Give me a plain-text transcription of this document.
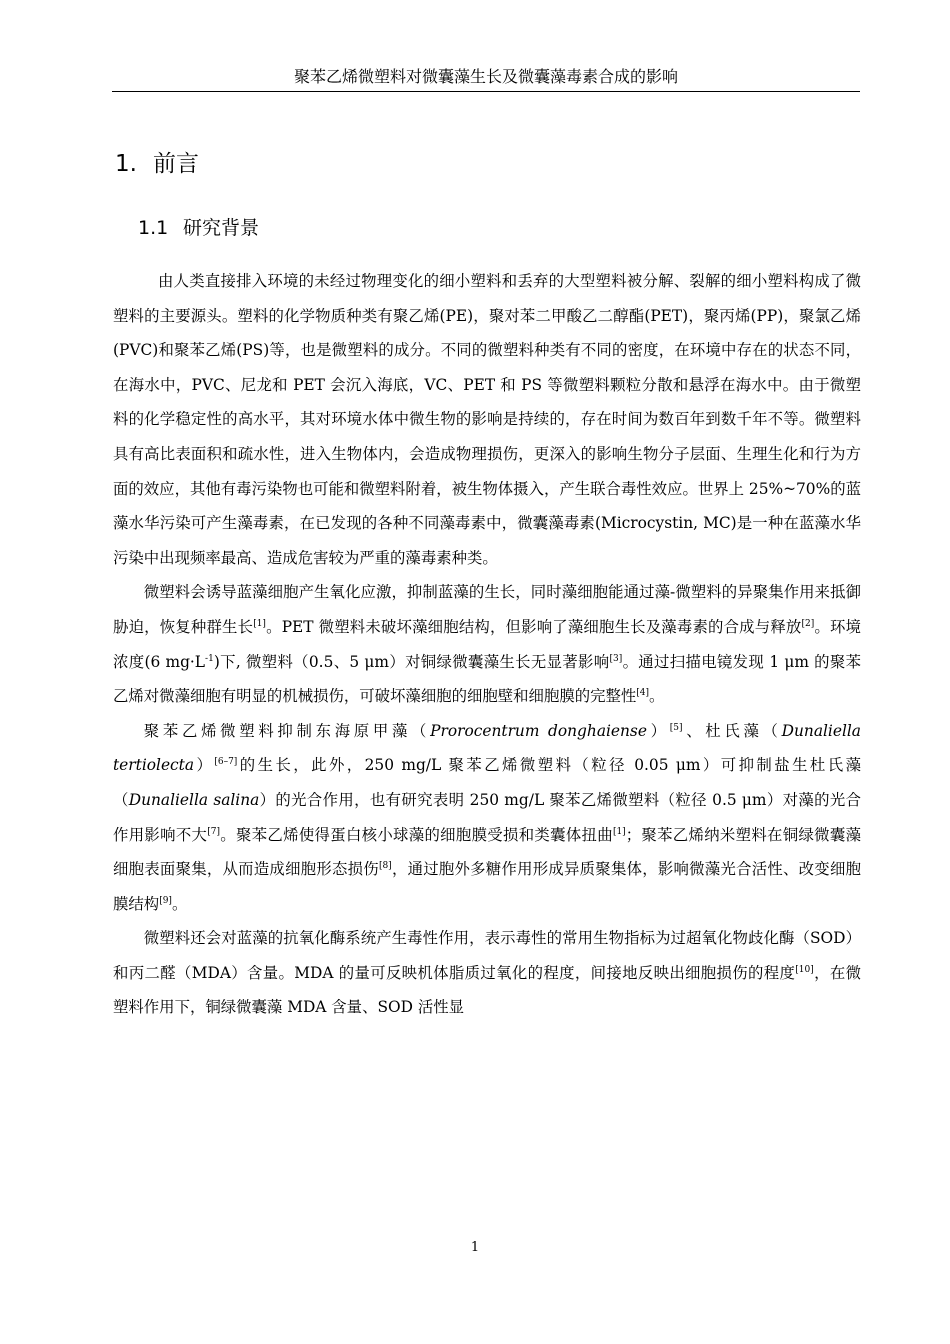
聚苯乙烯微塑料对微囊藻生长及微囊藻毒素合成的影响
1. 前言
1.1 研究背景

由人类直接排入环境的未经过物理变化的细小塑料和丢弃的大型塑料被分解、裂解的细小塑料构成了微塑料的主要源头。塑料的化学物质种类有聚乙烯(PE)，聚对苯二甲酸乙二醇酯(PET)，聚丙烯(PP)，聚氯乙烯(PVC)和聚苯乙烯(PS)等，也是微塑料的成分。不同的微塑料种类有不同的密度，在环境中存在的状态不同，在海水中，PVC、尼龙和 PET 会沉入海底，VC、PET 和 PS 等微塑料颗粒分散和悬浮在海水中。由于微塑料的化学稳定性的高水平，其对环境水体中微生物的影响是持续的，存在时间为数百年到数千年不等。微塑料具有高比表面积和疏水性，进入生物体内，会造成物理损伤，更深入的影响生物分子层面、生理生化和行为方面的效应，其他有毒污染物也可能和微塑料附着，被生物体摄入，产生联合毒性效应。世界上 25%~70%的蓝藻水华污染可产生藻毒素，在已发现的各种不同藻毒素中，微囊藻毒素(Microcystin, MC)是一种在蓝藻水华污染中出现频率最高、造成危害较为严重的藻毒素种类。

微塑料会诱导蓝藻细胞产生氧化应激，抑制蓝藻的生长，同时藻细胞能通过藻-微塑料的异聚集作用来抵御胁迫，恢复种群生长[1]。PET 微塑料未破坏藻细胞结构，但影响了藻细胞生长及藻毒素的合成与释放[2]。环境浓度(6 $mg\cdot L^{-1}$)下, 微塑料（0.5、5 μm）对铜绿微囊藻生长无显著影响[3]。通过扫描电镜发现 1 μm 的聚苯乙烯对微藻细胞有明显的机械损伤，可破坏藻细胞的细胞壁和细胞膜的完整性[4]。

聚苯乙烯微塑料抑制东海原甲藻（Prorocentrum donghaiense）[5]、杜氏藻（Dunaliella tertiolecta）[6–7]的生长，此外，250 mg/L 聚苯乙烯微塑料（粒径 0.05 μm）可抑制盐生杜氏藻（Dunaliella salina）的光合作用，也有研究表明 250 mg/L 聚苯乙烯微塑料（粒径 0.5 μm）对藻的光合作用影响不大[7]。聚苯乙烯使得蛋白核小球藻的细胞膜受损和类囊体扭曲[1]；聚苯乙烯纳米塑料在铜绿微囊藻细胞表面聚集，从而造成细胞形态损伤[8]，通过胞外多糖作用形成异质聚集体，影响微藻光合活性、改变细胞膜结构[9]。

微塑料还会对蓝藻的抗氧化酶系统产生毒性作用，表示毒性的常用生物指标为过超氧化物歧化酶（SOD）和丙二醛（MDA）含量。MDA 的量可反映机体脂质过氧化的程度，间接地反映出细胞损伤的程度[10]，在微塑料作用下，铜绿微囊藻 MDA 含量、SOD 活性显

1
